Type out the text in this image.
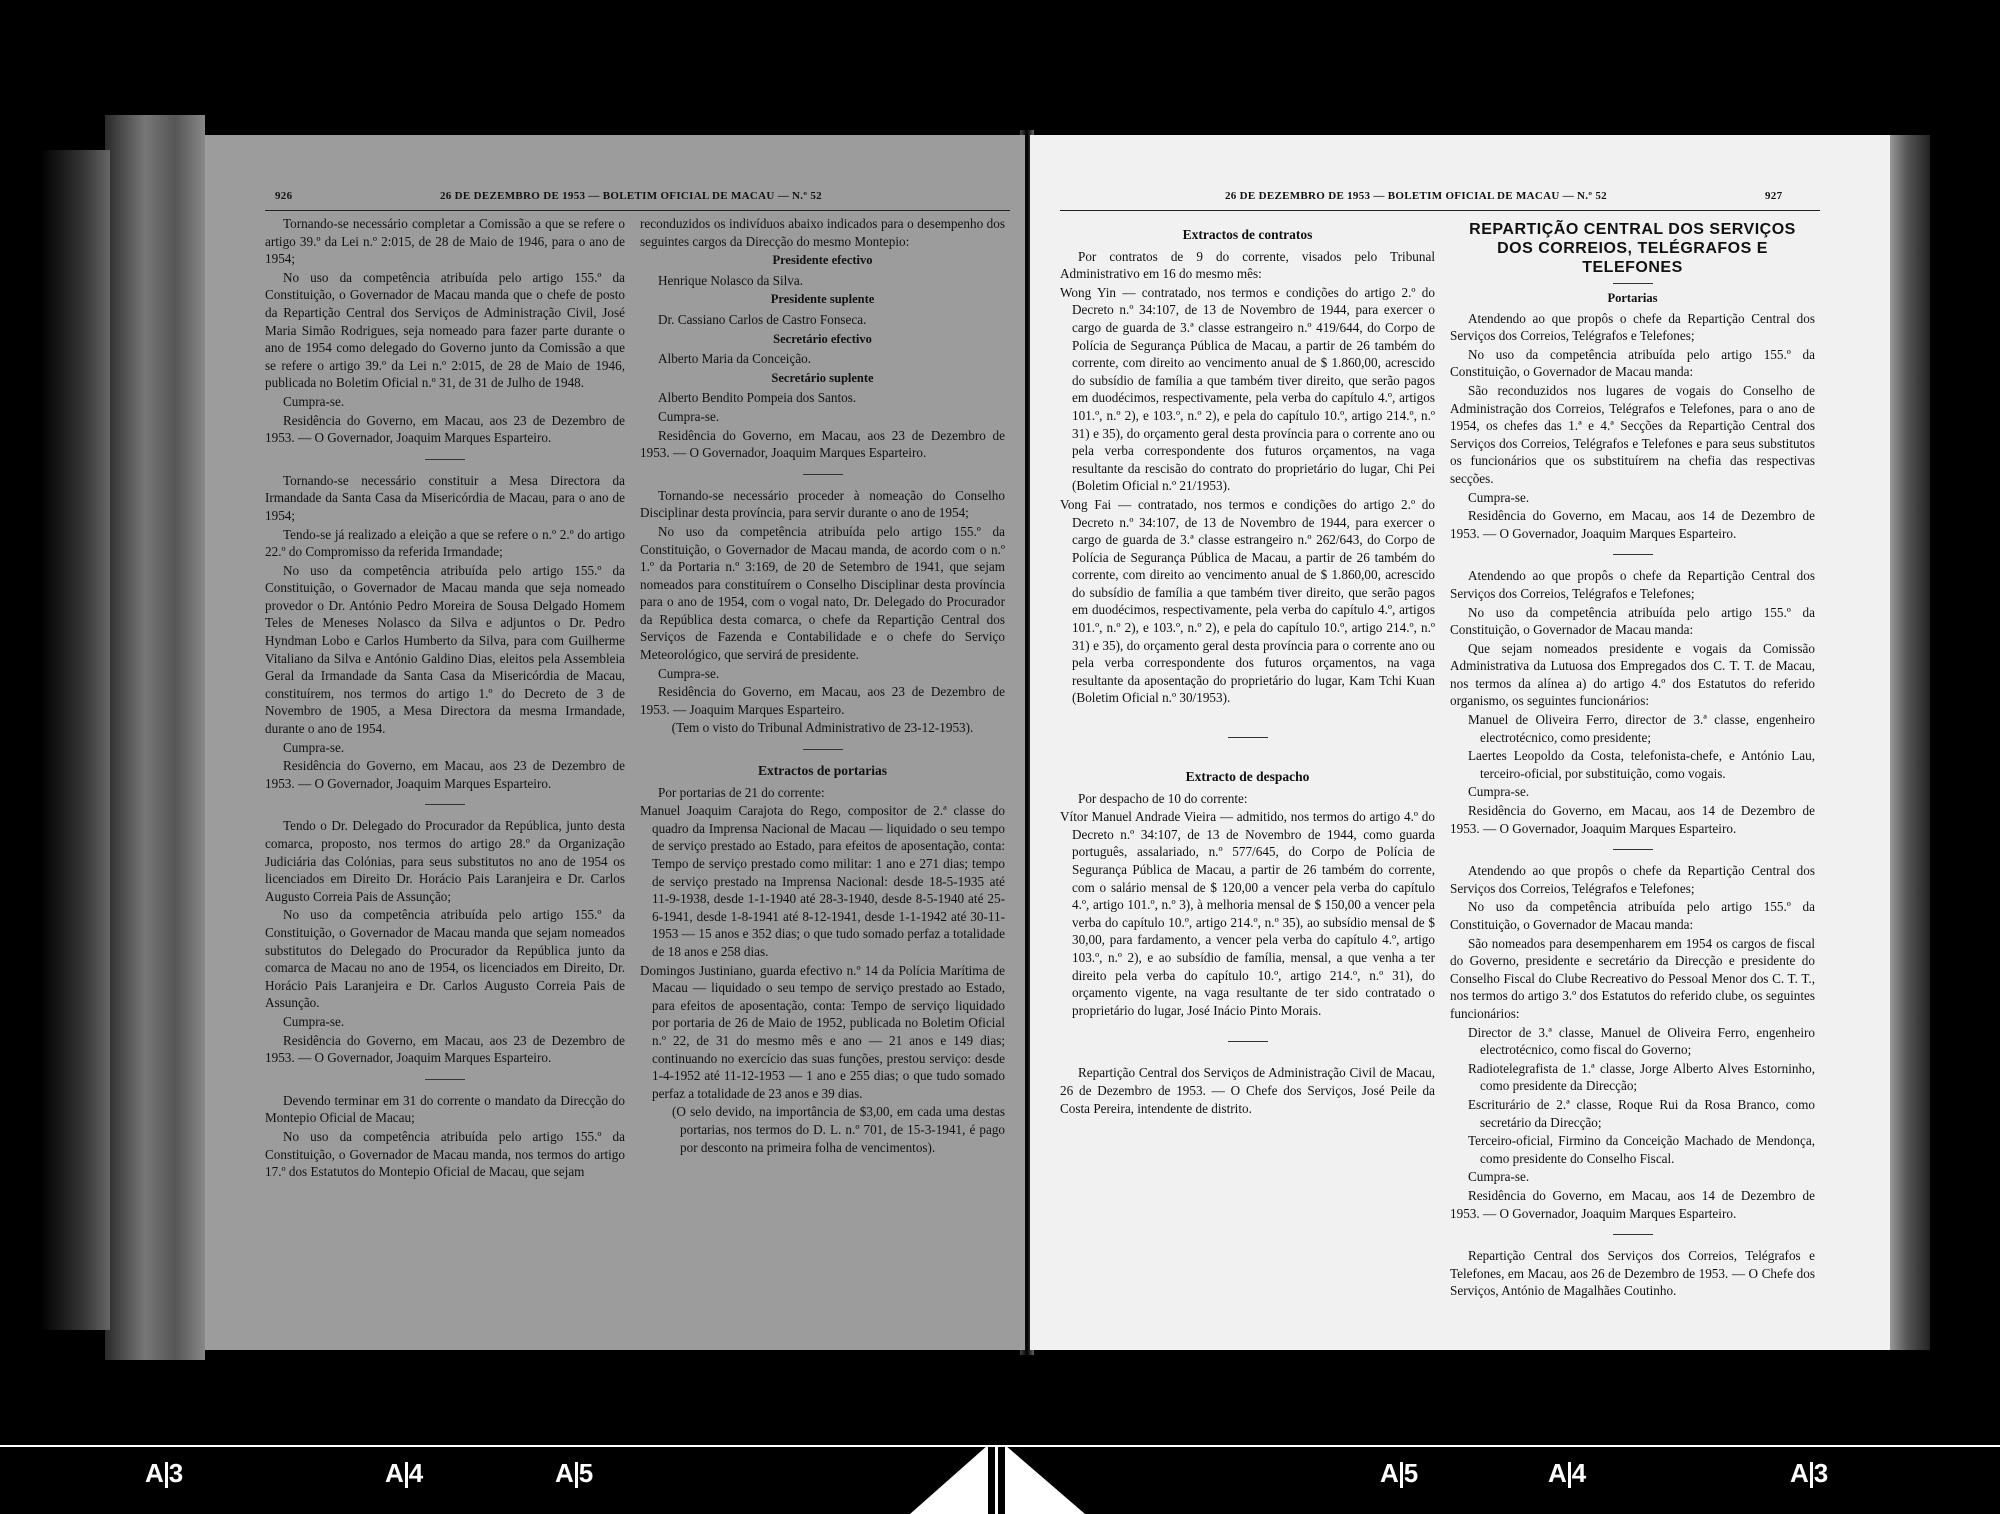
926	26 DE DEZEMBRO DE 1953 — BOLETIM OFICIAL DE MACAU — N.º 52

Tornando-se necessário completar a Comissão a que se refere o artigo 39.º da Lei n.º 2:015, de 28 de Maio de 1946, para o ano de 1954;

No uso da competência atribuída pelo artigo 155.º da Constituição, o Governador de Macau manda que o chefe de posto da Repartição Central dos Serviços de Administração Civil, José Maria Simão Rodrigues, seja nomeado para fazer parte durante o ano de 1954 como delegado do Governo junto da Comissão a que se refere o artigo 39.º da Lei n.º 2:015, de 28 de Maio de 1946, publicada no Boletim Oficial n.º 31, de 31 de Julho de 1948.

Cumpra-se.

Residência do Governo, em Macau, aos 23 de Dezembro de 1953. — O Governador, Joaquim Marques Esparteiro.

Tornando-se necessário constituir a Mesa Directora da Irmandade da Santa Casa da Misericórdia de Macau, para o ano de 1954;

Tendo-se já realizado a eleição a que se refere o n.º 2.º do artigo 22.º do Compromisso da referida Irmandade;

No uso da competência atribuída pelo artigo 155.º da Constituição, o Governador de Macau manda que seja nomeado provedor o Dr. António Pedro Moreira de Sousa Delgado Homem Teles de Meneses Nolasco da Silva e adjuntos o Dr. Pedro Hyndman Lobo e Carlos Humberto da Silva, para com Guilherme Vitaliano da Silva e António Galdino Dias, eleitos pela Assembleia Geral da Irmandade da Santa Casa da Misericórdia de Macau, constituírem, nos termos do artigo 1.º do Decreto de 3 de Novembro de 1905, a Mesa Directora da mesma Irmandade, durante o ano de 1954.

Cumpra-se.

Residência do Governo, em Macau, aos 23 de Dezembro de 1953. — O Governador, Joaquim Marques Esparteiro.

Tendo o Dr. Delegado do Procurador da República, junto desta comarca, proposto, nos termos do artigo 28.º da Organização Judiciária das Colónias, para seus substitutos no ano de 1954 os licenciados em Direito Dr. Horácio Pais Laranjeira e Dr. Carlos Augusto Correia Pais de Assunção;

No uso da competência atribuída pelo artigo 155.º da Constituição, o Governador de Macau manda que sejam nomeados substitutos do Delegado do Procurador da República junto da comarca de Macau no ano de 1954, os licenciados em Direito, Dr. Horácio Pais Laranjeira e Dr. Carlos Augusto Correia Pais de Assunção.

Cumpra-se.

Residência do Governo, em Macau, aos 23 de Dezembro de 1953. — O Governador, Joaquim Marques Esparteiro.

Devendo terminar em 31 do corrente o mandato da Direcção do Montepio Oficial de Macau;

No uso da competência atribuída pelo artigo 155.º da Constituição, o Governador de Macau manda, nos termos do artigo 17.º dos Estatutos do Montepio Oficial de Macau, que sejam

reconduzidos os indivíduos abaixo indicados para o desempenho dos seguintes cargos da Direcção do mesmo Montepio:

Presidente efectivo

Henrique Nolasco da Silva.

Presidente suplente

Dr. Cassiano Carlos de Castro Fonseca.

Secretário efectivo

Alberto Maria da Conceição.

Secretário suplente

Alberto Bendito Pompeia dos Santos.

Cumpra-se.

Residência do Governo, em Macau, aos 23 de Dezembro de 1953. — O Governador, Joaquim Marques Esparteiro.

Tornando-se necessário proceder à nomeação do Conselho Disciplinar desta província, para servir durante o ano de 1954;

No uso da competência atribuída pelo artigo 155.º da Constituição, o Governador de Macau manda, de acordo com o n.º 1.º da Portaria n.º 3:169, de 20 de Setembro de 1941, que sejam nomeados para constituírem o Conselho Disciplinar desta província para o ano de 1954, com o vogal nato, Dr. Delegado do Procurador da República desta comarca, o chefe da Repartição Central dos Serviços de Fazenda e Contabilidade e o chefe do Serviço Meteorológico, que servirá de presidente.

Cumpra-se.

Residência do Governo, em Macau, aos 23 de Dezembro de 1953. — Joaquim Marques Esparteiro.

(Tem o visto do Tribunal Administrativo de 23-12-1953).

Extractos de portarias

Por portarias de 21 do corrente:

Manuel Joaquim Carajota do Rego, compositor de 2.ª classe do quadro da Imprensa Nacional de Macau — liquidado o seu tempo de serviço prestado ao Estado, para efeitos de aposentação, conta: Tempo de serviço prestado como militar: 1 ano e 271 dias; tempo de serviço prestado na Imprensa Nacional: desde 18-5-1935 até 11-9-1938, desde 1-1-1940 até 28-3-1940, desde 8-5-1940 até 25-6-1941, desde 1-8-1941 até 8-12-1941, desde 1-1-1942 até 30-11-1953 — 15 anos e 352 dias; o que tudo somado perfaz a totalidade de 18 anos e 258 dias.

Domingos Justiniano, guarda efectivo n.º 14 da Polícia Marítima de Macau — liquidado o seu tempo de serviço prestado ao Estado, para efeitos de aposentação, conta: Tempo de serviço liquidado por portaria de 26 de Maio de 1952, publicada no Boletim Oficial n.º 22, de 31 do mesmo mês e ano — 21 anos e 149 dias; continuando no exercício das suas funções, prestou serviço: desde 1-4-1952 até 11-12-1953 — 1 ano e 255 dias; o que tudo somado perfaz a totalidade de 23 anos e 39 dias.

(O selo devido, na importância de $3,00, em cada uma destas portarias, nos termos do D. L. n.º 701, de 15-3-1941, é pago por desconto na primeira folha de vencimentos).

26 DE DEZEMBRO DE 1953 — BOLETIM OFICIAL DE MACAU — N.º 52	927
Extractos de contratos

Por contratos de 9 do corrente, visados pelo Tribunal Administrativo em 16 do mesmo mês:

Wong Yin — contratado, nos termos e condições do artigo 2.º do Decreto n.º 34:107, de 13 de Novembro de 1944, para exercer o cargo de guarda de 3.ª classe estrangeiro n.º 419/644, do Corpo de Polícia de Segurança Pública de Macau, a partir de 26 também do corrente, com direito ao vencimento anual de $ 1.860,00, acrescido do subsídio de família a que também tiver direito, que serão pagos em duodécimos, respectivamente, pela verba do capítulo 4.º, artigos 101.º, n.º 2), e 103.º, n.º 2), e pela do capítulo 10.º, artigo 214.º, n.º 31) e 35), do orçamento geral desta província para o corrente ano ou pela verba correspondente dos futuros orçamentos, na vaga resultante da rescisão do contrato do proprietário do lugar, Chi Pei (Boletim Oficial n.º 21/1953).

Vong Fai — contratado, nos termos e condições do artigo 2.º do Decreto n.º 34:107, de 13 de Novembro de 1944, para exercer o cargo de guarda de 3.ª classe estrangeiro n.º 262/643, do Corpo de Polícia de Segurança Pública de Macau, a partir de 26 também do corrente, com direito ao vencimento anual de $ 1.860,00, acrescido do subsídio de família a que também tiver direito, que serão pagos em duodécimos, respectivamente, pela verba do capítulo 4.º, artigos 101.º, n.º 2), e 103.º, n.º 2), e pela do capítulo 10.º, artigo 214.º, n.º 31) e 35), do orçamento geral desta província para o corrente ano ou pela verba correspondente dos futuros orçamentos, na vaga resultante da aposentação do proprietário do lugar, Kam Tchi Kuan (Boletim Oficial n.º 30/1953).

Extracto de despacho

Por despacho de 10 do corrente:

Vítor Manuel Andrade Vieira — admitido, nos termos do artigo 4.º do Decreto n.º 34:107, de 13 de Novembro de 1944, como guarda português, assalariado, n.º 577/645, do Corpo de Polícia de Segurança Pública de Macau, a partir de 26 também do corrente, com o salário mensal de $ 120,00 a vencer pela verba do capítulo 4.º, artigo 101.º, n.º 3), à melhoria mensal de $ 150,00 a vencer pela verba do capítulo 10.º, artigo 214.º, n.º 35), ao subsídio mensal de $ 30,00, para fardamento, a vencer pela verba do capítulo 4.º, artigo 103.º, n.º 2), e ao subsídio de família, mensal, a que venha a ter direito pela verba do capítulo 10.º, artigo 214.º, n.º 31), do orçamento vigente, na vaga resultante de ter sido contratado o proprietário do lugar, José Inácio Pinto Morais.

Repartição Central dos Serviços de Administração Civil de Macau, 26 de Dezembro de 1953. — O Chefe dos Serviços, José Peile da Costa Pereira, intendente de distrito.

REPARTIÇÃO CENTRAL DOS SERVIÇOS DOS CORREIOS, TELÉGRAFOS E TELEFONES
Portarias

Atendendo ao que propôs o chefe da Repartição Central dos Serviços dos Correios, Telégrafos e Telefones;

No uso da competência atribuída pelo artigo 155.º da Constituição, o Governador de Macau manda:

São reconduzidos nos lugares de vogais do Conselho de Administração dos Correios, Telégrafos e Telefones, para o ano de 1954, os chefes das 1.ª e 4.ª Secções da Repartição Central dos Serviços dos Correios, Telégrafos e Telefones e para seus substitutos os funcionários que os substituírem na chefia das respectivas secções.

Cumpra-se.

Residência do Governo, em Macau, aos 14 de Dezembro de 1953. — O Governador, Joaquim Marques Esparteiro.

Atendendo ao que propôs o chefe da Repartição Central dos Serviços dos Correios, Telégrafos e Telefones;

No uso da competência atribuída pelo artigo 155.º da Constituição, o Governador de Macau manda:

Que sejam nomeados presidente e vogais da Comissão Administrativa da Lutuosa dos Empregados dos C. T. T. de Macau, nos termos da alínea a) do artigo 4.º dos Estatutos do referido organismo, os seguintes funcionários:

Manuel de Oliveira Ferro, director de 3.ª classe, engenheiro electrotécnico, como presidente;

Laertes Leopoldo da Costa, telefonista-chefe, e António Lau, terceiro-oficial, por substituição, como vogais.

Cumpra-se.

Residência do Governo, em Macau, aos 14 de Dezembro de 1953. — O Governador, Joaquim Marques Esparteiro.

Atendendo ao que propôs o chefe da Repartição Central dos Serviços dos Correios, Telégrafos e Telefones;

No uso da competência atribuída pelo artigo 155.º da Constituição, o Governador de Macau manda:

São nomeados para desempenharem em 1954 os cargos de fiscal do Governo, presidente e secretário da Direcção e presidente do Conselho Fiscal do Clube Recreativo do Pessoal Menor dos C. T. T., nos termos do artigo 3.º dos Estatutos do referido clube, os seguintes funcionários:

Director de 3.ª classe, Manuel de Oliveira Ferro, engenheiro electrotécnico, como fiscal do Governo;

Radiotelegrafista de 1.ª classe, Jorge Alberto Alves Estorninho, como presidente da Direcção;

Escriturário de 2.ª classe, Roque Rui da Rosa Branco, como secretário da Direcção;

Terceiro-oficial, Firmino da Conceição Machado de Mendonça, como presidente do Conselho Fiscal.

Cumpra-se.

Residência do Governo, em Macau, aos 14 de Dezembro de 1953. — O Governador, Joaquim Marques Esparteiro.

Repartição Central dos Serviços dos Correios, Telégrafos e Telefones, em Macau, aos 26 de Dezembro de 1953. — O Chefe dos Serviços, António de Magalhães Coutinho.

A 3	A 4	A 5	A 5	A 4	A 3
